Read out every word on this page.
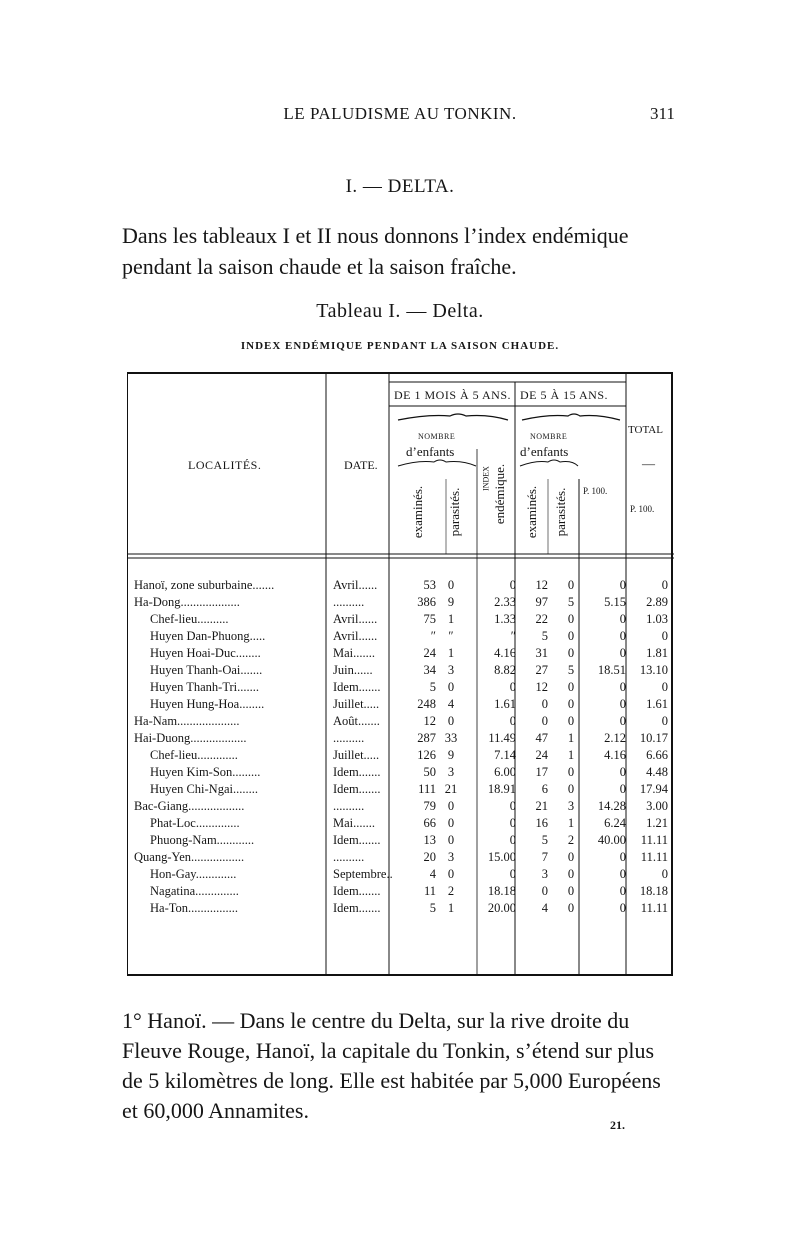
LE PALUDISME AU TONKIN.	311
I. — DELTA.
Dans les tableaux I et II nous donnons l’index endémique
pendant la saison chaude et la saison fraîche.
Tableau I. — Delta.
INDEX ENDÉMIQUE PENDANT LA SAISON CHAUDE.
LOCALITÉS.	DATE.
DE 1 MOIS À 5 ANS. DE 5 À 15 ANS.
NOMBRE
d’enfants
NOMBRE
d’enfants
P. 100.
TOTAL
—
P. 100.
examinés. parasités.
INDEX endémique. examinés. parasités.
Hanoï, zone suburbaine.......	Avril......	53 0	0	12	0	0	0
Ha-Dong...................	..........	386 9	2.33	97	5	5.15	2.89
Chef-lieu..........	Avril......	75 1	1.33	22	0	0	1.03
Huyen Dan-Phuong.....	Avril......	″ ″	″	5	0	0	0
Huyen Hoai-Duc........	Mai.......	24 1	4.16	31	0	0	1.81
Huyen Thanh-Oai.......	Juin......	34 3	8.82	27	5	18.51	13.10
Huyen Thanh-Tri.......	Idem.......	5 0	0	12	0	0	0
Huyen Hung-Hoa........	Juillet.....	248 4	1.61	0	0	0	1.61
Ha-Nam....................	Août.......	12 0	0	0	0	0	0
Hai-Duong..................	..........	287 33	11.49	47	1	2.12	10.17
Chef-lieu.............	Juillet.....	126 9	7.14	24	1	4.16	6.66
Huyen Kim-Son.........	Idem.......	50 3	6.00	17	0	0	4.48
Huyen Chi-Ngai........	Idem.......	111 21	18.91	6	0	0	17.94
Bac-Giang..................	..........	79 0	0	21	3	14.28	3.00
Phat-Loc..............	Mai.......	66 0	0	16	1	6.24	1.21
Phuong-Nam............	Idem.......	13 0	0	5	2	40.00	11.11
Quang-Yen.................	..........	20 3	15.00	7	0	0	11.11
Hon-Gay.............	Septembre..	4 0	0	3	0	0	0
Nagatina..............	Idem.......	11 2	18.18	0	0	0	18.18
Ha-Ton................	Idem.......	5 1	20.00	4	0	0	11.11
1° Hanoï. — Dans le centre du Delta, sur la rive droite du
Fleuve Rouge, Hanoï, la capitale du Tonkin, s’étend sur plus
de 5 kilomètres de long. Elle est habitée par 5,000 Européens
et 60,000 Annamites.
21.
